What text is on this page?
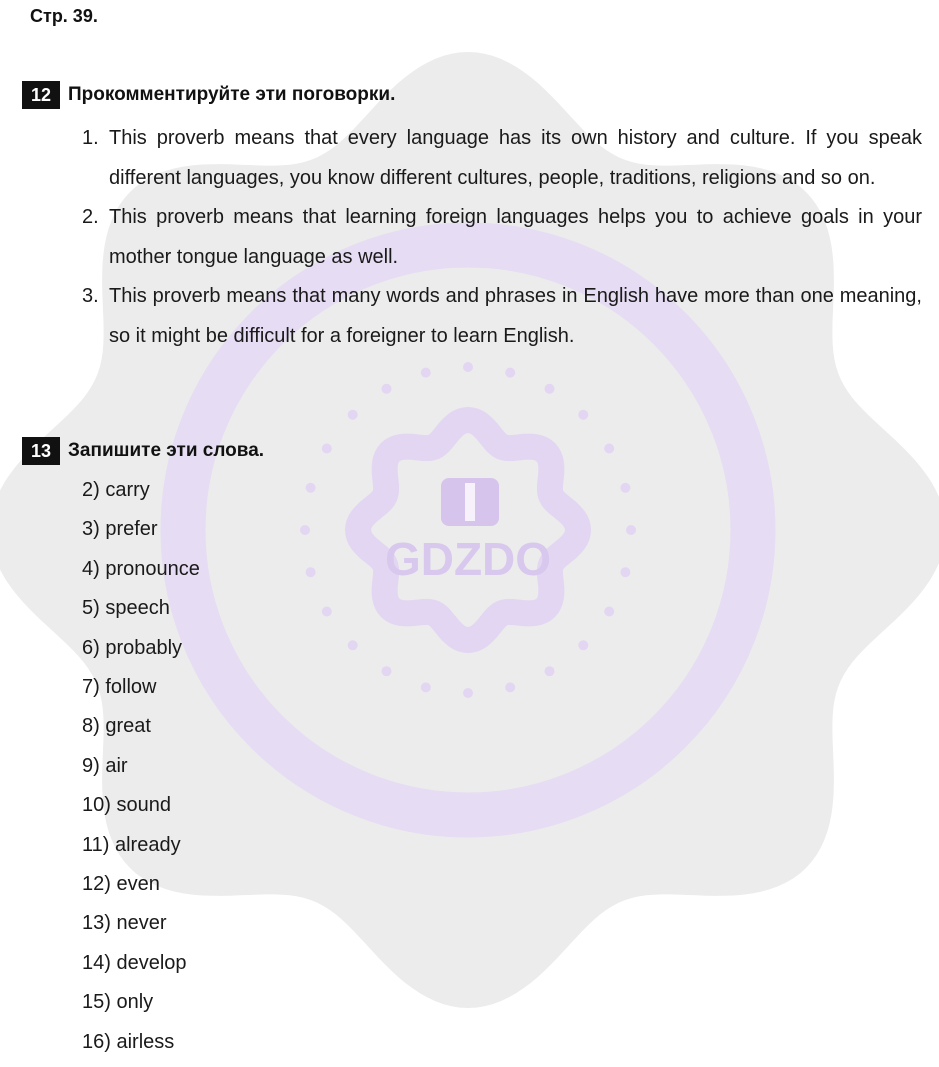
GDZDO
Стр. 39.
12 Прокомментируйте эти поговорки.
1. This proverb means that every language has its own history and culture. If you speak different languages, you know different cultures, people, traditions, religions and so on.
2. This proverb means that learning foreign languages helps you to achieve goals in your mother tongue language as well.
3. This proverb means that many words and phrases in English have more than one meaning, so it might be difficult for a foreigner to learn English.
13 Запишите эти слова.
2) carry
3) prefer
4) pronounce
5) speech
6) probably
7) follow
8) great
9) air
10) sound
11) already
12) even
13) never
14) develop
15) only
16) airless
